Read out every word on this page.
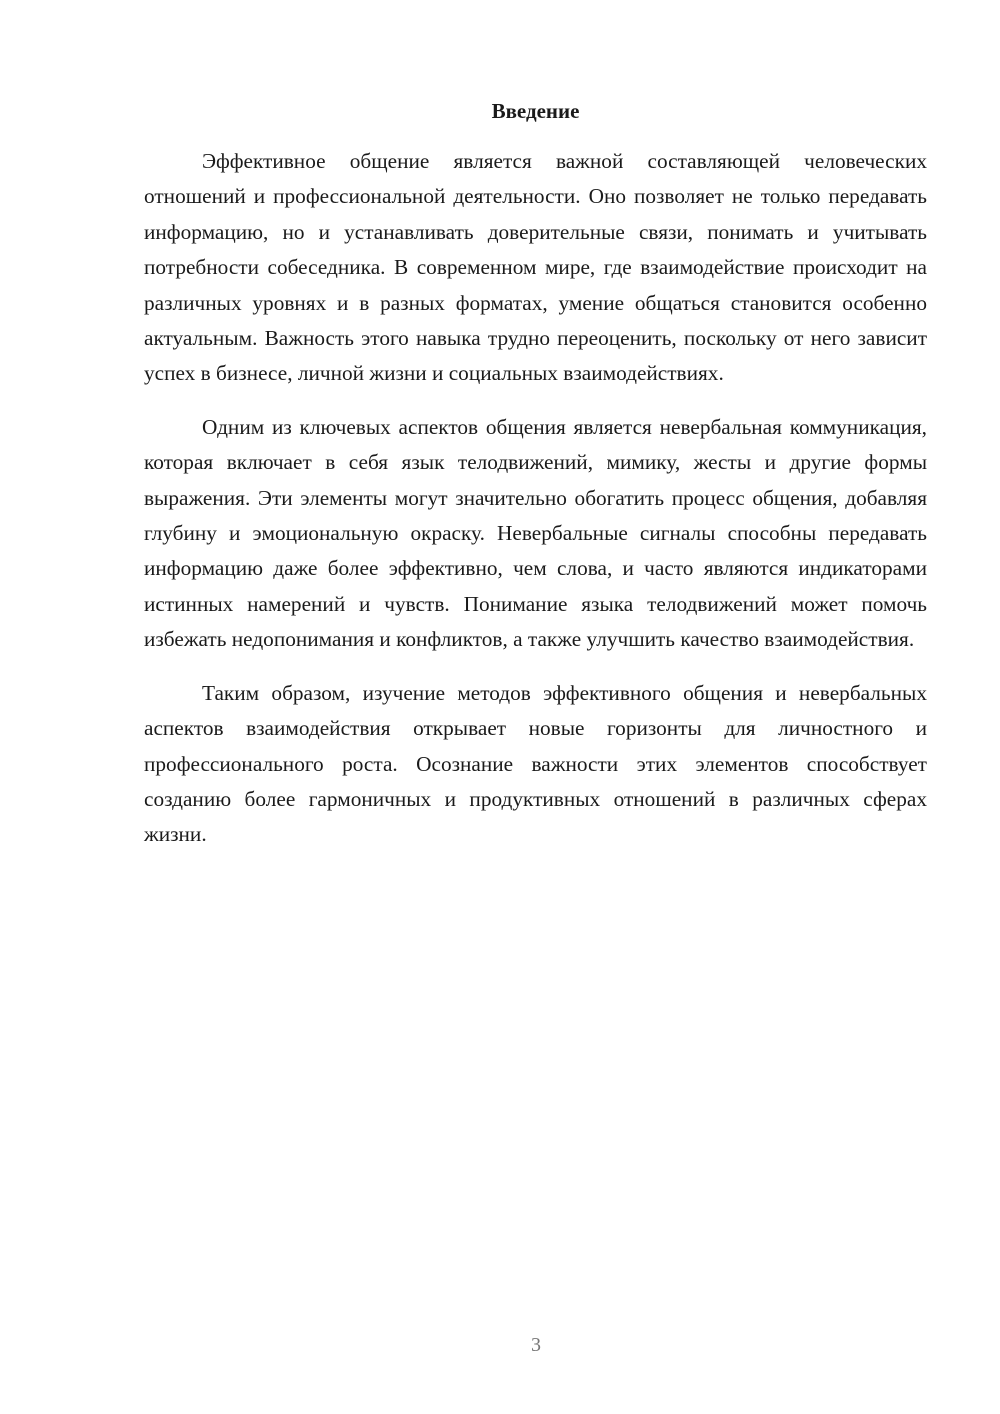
Введение

Эффективное общение является важной составляющей человеческих отношений и профессиональной деятельности. Оно позволяет не только передавать информацию, но и устанавливать доверительные связи, понимать и учитывать потребности собеседника. В современном мире, где взаимодействие происходит на различных уровнях и в разных форматах, умение общаться становится особенно актуальным. Важность этого навыка трудно переоценить, поскольку от него зависит успех в бизнесе, личной жизни и социальных взаимодействиях.

Одним из ключевых аспектов общения является невербальная коммуникация, которая включает в себя язык телодвижений, мимику, жесты и другие формы выражения. Эти элементы могут значительно обогатить процесс общения, добавляя глубину и эмоциональную окраску. Невербальные сигналы способны передавать информацию даже более эффективно, чем слова, и часто являются индикаторами истинных намерений и чувств. Понимание языка телодвижений может помочь избежать недопонимания и конфликтов, а также улучшить качество взаимодействия.

Таким образом, изучение методов эффективного общения и невербальных аспектов взаимодействия открывает новые горизонты для личностного и профессионального роста. Осознание важности этих элементов способствует созданию более гармоничных и продуктивных отношений в различных сферах жизни.

3
